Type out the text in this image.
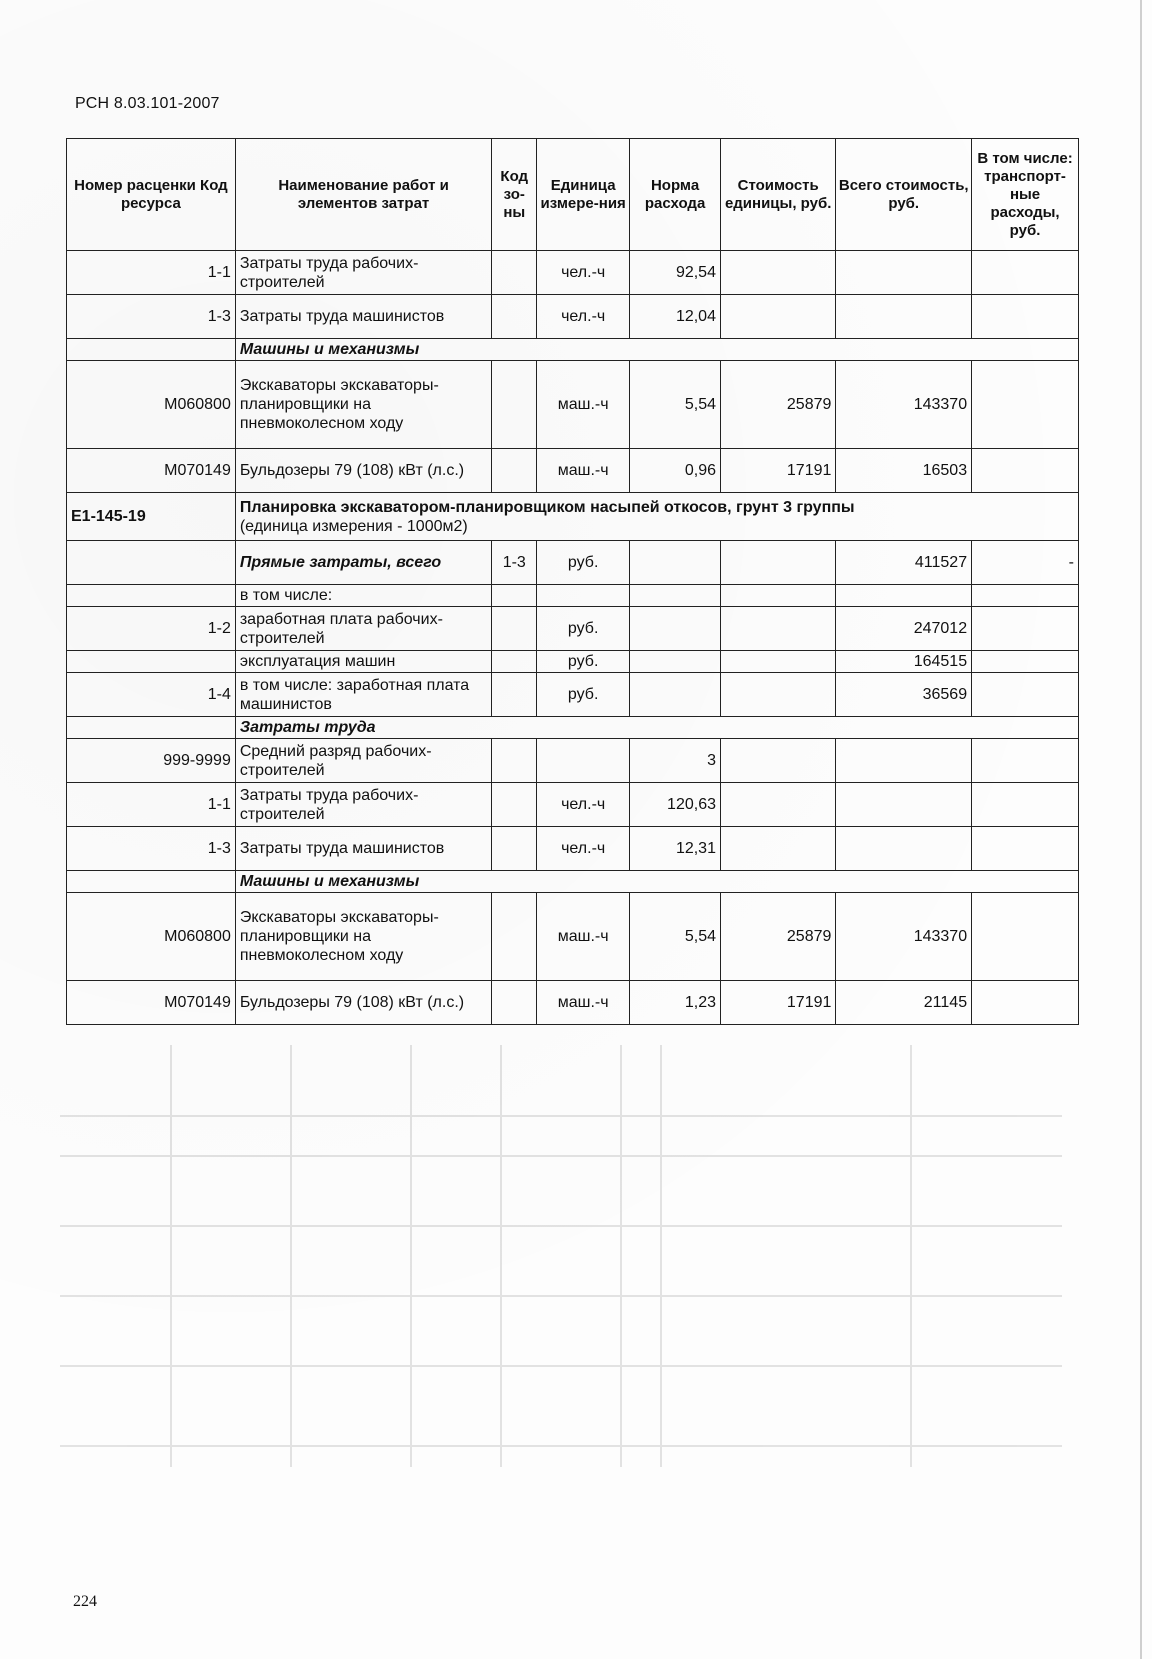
РСН 8.03.101-2007
Номер расценки Код ресурса	Наименование работ и элементов затрат	Код зо-ны	Единица измере-ния	Норма расхода	Стоимость единицы, руб.	Всего стоимость, руб.	В том числе: транспорт-ные расходы, руб.
1-1	Затраты труда рабочих-строителей		чел.-ч	92,54			
1-3	Затраты труда машинистов		чел.-ч	12,04			
	Машины и механизмы						
М060800	Экскаваторы экскаваторы-планировщики на пневмоколесном ходу		маш.-ч	5,54	25879	143370	
М070149	Бульдозеры 79 (108) кВт (л.с.)		маш.-ч	0,96	17191	16503	
Е1-145-19	Планировка экскаватором-планировщиком насыпей откосов, грунт 3 группы
(единица измерения - 1000м2)						

	Прямые затраты, всего	1-3	руб.			411527	-
	в том числе:						
1-2	заработная плата рабочих-строителей		руб.			247012	
	эксплуатация машин		руб.			164515	
1-4	в том числе: заработная плата машинистов		руб.			36569	
	Затраты труда						
999-9999	Средний разряд рабочих-строителей			3			
1-1	Затраты труда рабочих-строителей		чел.-ч	120,63			
1-3	Затраты труда машинистов		чел.-ч	12,31			
	Машины и механизмы						
М060800	Экскаваторы экскаваторы-планировщики на пневмоколесном ходу		маш.-ч	5,54	25879	143370	
М070149	Бульдозеры 79 (108) кВт (л.с.)		маш.-ч	1,23	17191	21145	
224
